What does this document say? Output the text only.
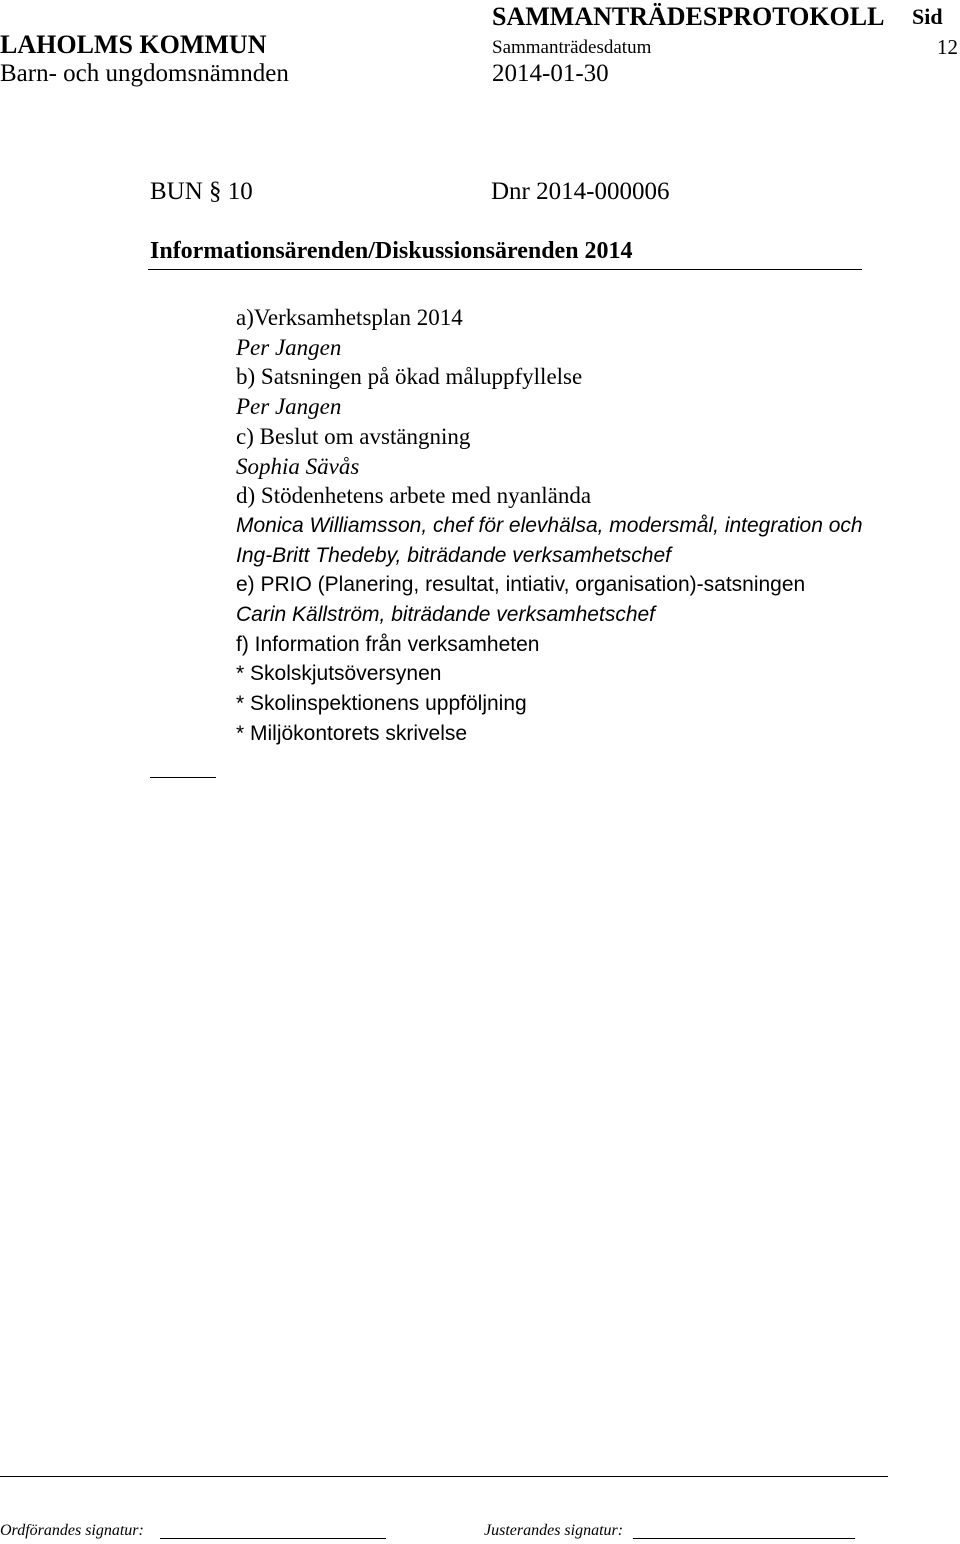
SAMMANTRÄDESPROTOKOLL Sid
LAHOLMS KOMMUN	Sammanträdesdatum	12
Barn- och ungdomsnämnden	2014-01-30
BUN § 10	Dnr 2014-000006
Informationsärenden/Diskussionsärenden 2014
a)Verksamhetsplan 2014
Per Jangen
b) Satsningen på ökad måluppfyllelse
Per Jangen
c) Beslut om avstängning
Sophia Sävås
d) Stödenhetens arbete med nyanlända
Monica Williamsson, chef för elevhälsa, modersmål, integration och
Ing-Britt Thedeby, biträdande verksamhetschef
e) PRIO (Planering, resultat, intiativ, organisation)-satsningen
Carin Källström, biträdande verksamhetschef
f) Information från verksamheten
* Skolskjutsöversynen
* Skolinspektionens uppföljning
* Miljökontorets skrivelse
Ordförandes signatur:	Justerandes signatur:
